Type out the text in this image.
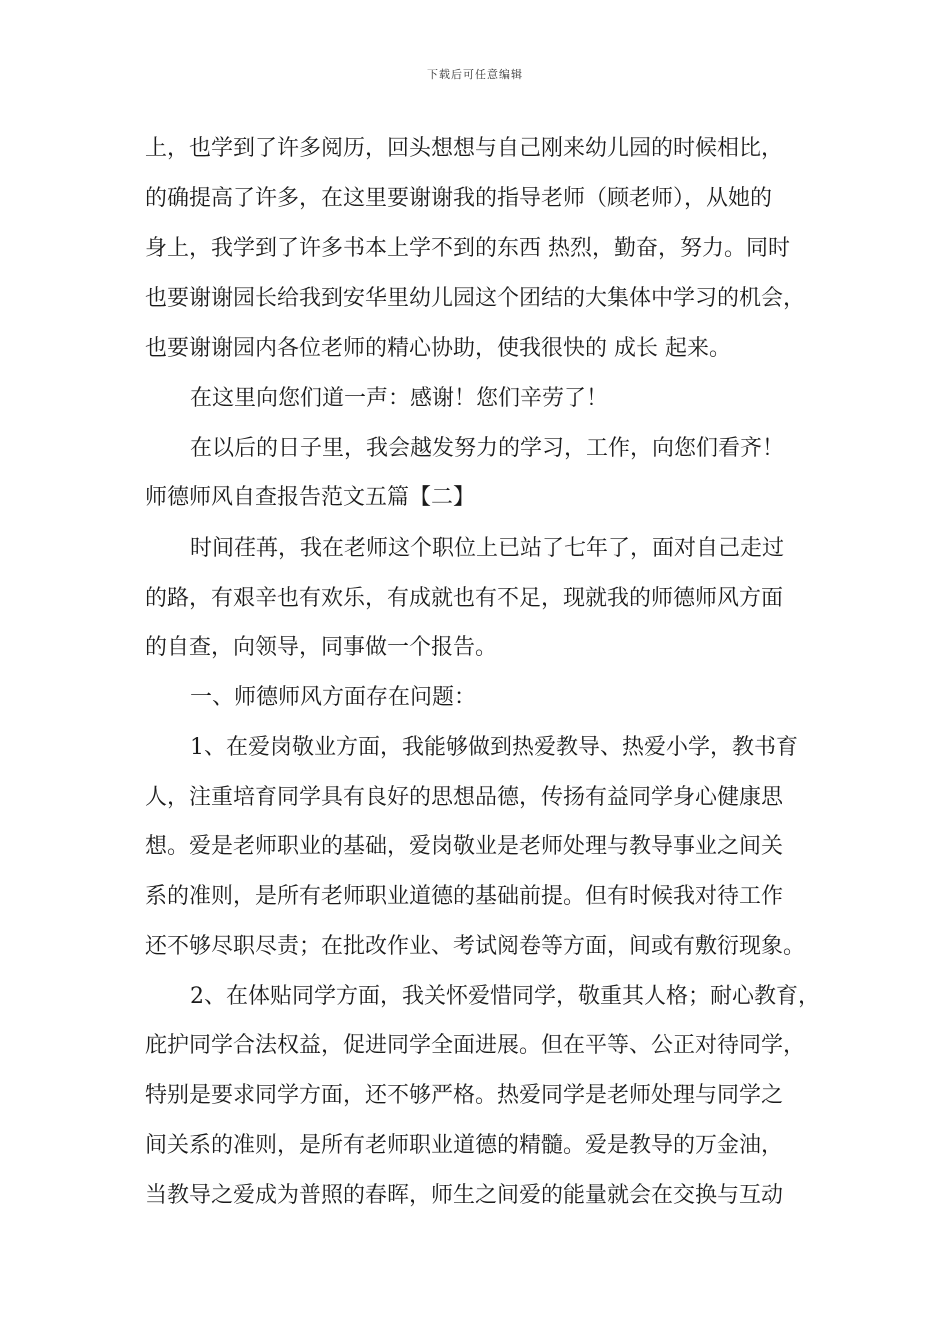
下载后可任意编辑
上，也学到了许多阅历，回头想想与自己刚来幼儿园的时候相比，
的确提高了许多，在这里要谢谢我的指导老师（顾老师），从她的
身上，我学到了许多书本上学不到的东西 热烈，勤奋，努力。同时
也要谢谢园长给我到安华里幼儿园这个团结的大集体中学习的机会，
也要谢谢园内各位老师的精心协助，使我很快的 成长 起来。
在这里向您们道一声：感谢！您们辛劳了！
在以后的日子里，我会越发努力的学习，工作，向您们看齐！
师德师风自查报告范文五篇【二】
时间荏苒，我在老师这个职位上已站了七年了，面对自己走过
的路，有艰辛也有欢乐，有成就也有不足，现就我的师德师风方面
的自查，向领导，同事做一个报告。
一、师德师风方面存在问题：
1、在爱岗敬业方面，我能够做到热爱教导、热爱小学，教书育
人，注重培育同学具有良好的思想品德，传扬有益同学身心健康思
想。爱是老师职业的基础，爱岗敬业是老师处理与教导事业之间关
系的准则，是所有老师职业道德的基础前提。但有时候我对待工作
还不够尽职尽责；在批改作业、考试阅卷等方面，间或有敷衍现象。
2、在体贴同学方面，我关怀爱惜同学，敬重其人格；耐心教育，
庇护同学合法权益，促进同学全面进展。但在平等、公正对待同学，
特别是要求同学方面，还不够严格。热爱同学是老师处理与同学之
间关系的准则，是所有老师职业道德的精髓。爱是教导的万金油，
当教导之爱成为普照的春晖，师生之间爱的能量就会在交换与互动
